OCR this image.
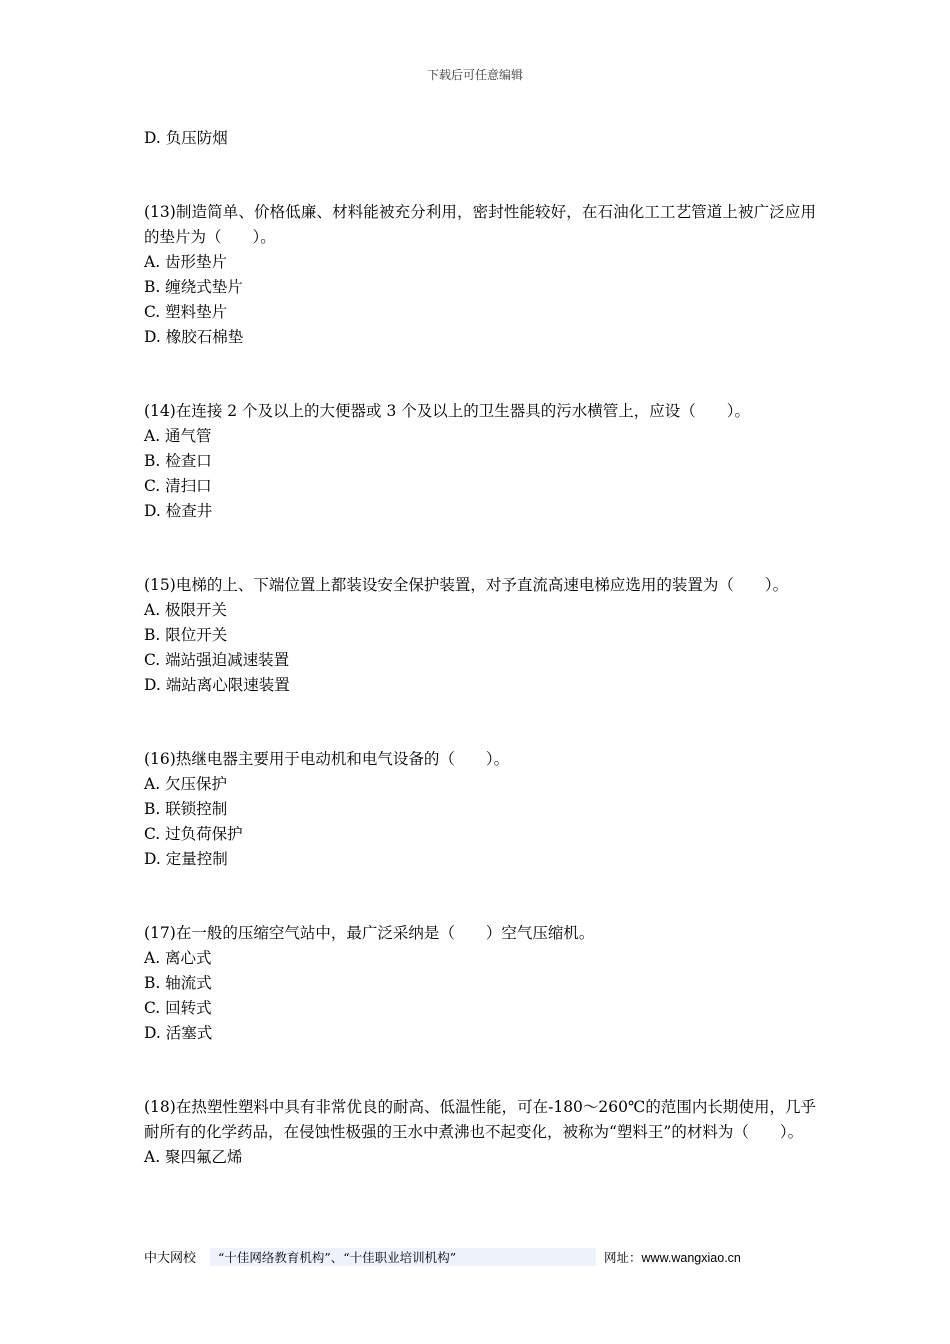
下载后可任意编辑
D. 负压防烟
(13)制造简单、价格低廉、材料能被充分利用，密封性能较好，在石油化工工艺管道上被广泛应用的垫片为（　　）。
A. 齿形垫片
B. 缠绕式垫片
C. 塑料垫片
D. 橡胶石棉垫
(14)在连接 2 个及以上的大便器或 3 个及以上的卫生器具的污水横管上，应设（　　）。
A. 通气管
B. 检查口
C. 清扫口
D. 检查井
(15)电梯的上、下端位置上都装设安全保护装置，对予直流高速电梯应选用的装置为（　　）。
A. 极限开关
B. 限位开关
C. 端站强迫减速装置
D. 端站离心限速装置
(16)热继电器主要用于电动机和电气设备的（　　）。
A. 欠压保护
B. 联锁控制
C. 过负荷保护
D. 定量控制
(17)在一般的压缩空气站中，最广泛采纳是（　　）空气压缩机。
A. 离心式
B. 轴流式
C. 回转式
D. 活塞式
(18)在热塑性塑料中具有非常优良的耐高、低温性能，可在-180～260℃的范围内长期使用，几乎耐所有的化学药品，在侵蚀性极强的王水中煮沸也不起变化，被称为“塑料王”的材料为（　　）。
A. 聚四氟乙烯
中大网校	“十佳网络教育机构”、“十佳职业培训机构”	网址：www.wangxiao.cn
